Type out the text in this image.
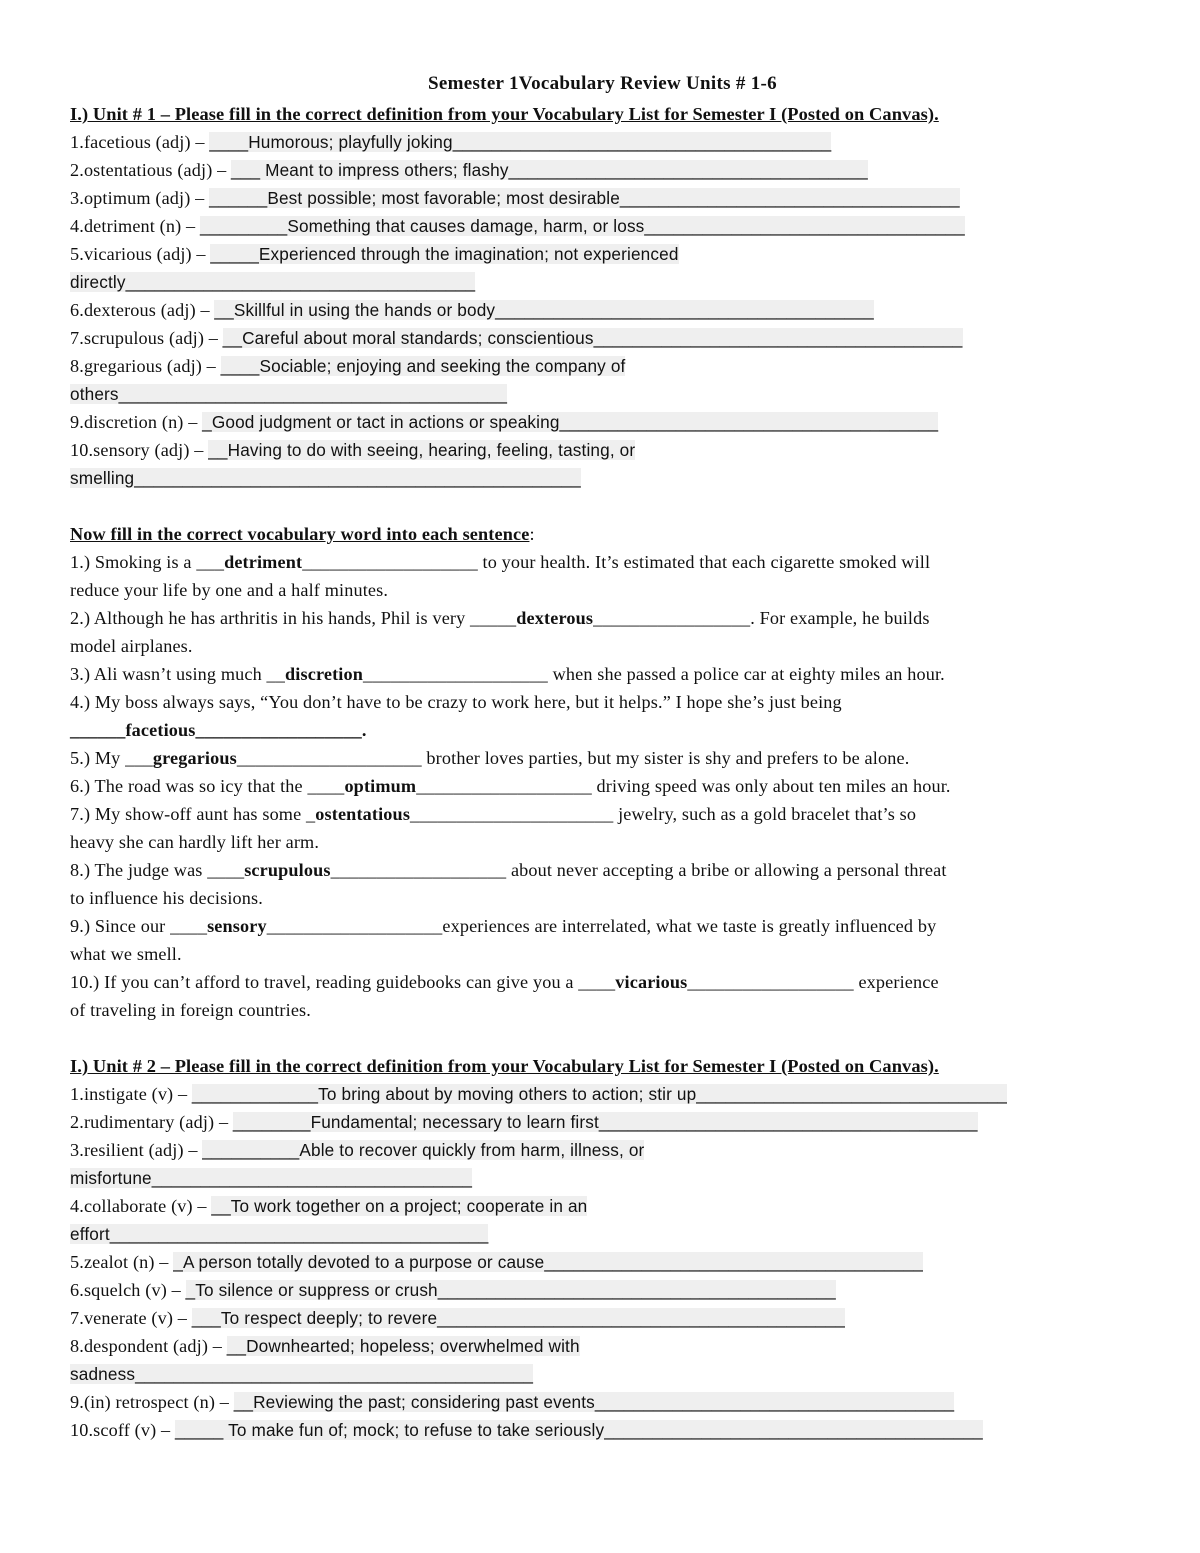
Semester 1Vocabulary Review Units # 1-6
I.) Unit # 1 – Please fill in the correct definition from your Vocabulary List for Semester I (Posted on Canvas).
1.facetious (adj) – ____Humorous; playfully joking_______________________________________
2.ostentatious (adj) – ___ Meant to impress others; flashy_____________________________________
3.optimum (adj) – ______Best possible; most favorable; most desirable___________________________________
4.detriment (n) – _________Something that causes damage, harm, or loss_________________________________
5.vicarious (adj) – _____Experienced through the imagination; not experienced
directly____________________________________
6.dexterous (adj) – __Skillful in using the hands or body_______________________________________
7.scrupulous (adj) – __Careful about moral standards; conscientious______________________________________
8.gregarious (adj) – ____Sociable; enjoying and seeking the company of
others________________________________________
9.discretion (n) – _Good judgment or tact in actions or speaking_______________________________________
10.sensory (adj) – __Having to do with seeing, hearing, feeling, tasting, or
smelling______________________________________________
Now fill in the correct vocabulary word into each sentence:
1.) Smoking is a ___detriment___________________ to your health. It’s estimated that each cigarette smoked will
reduce your life by one and a half minutes.
2.) Although he has arthritis in his hands, Phil is very _____dexterous_________________. For example, he builds
model airplanes.
3.) Ali wasn’t using much __discretion____________________ when she passed a police car at eighty miles an hour.
4.) My boss always says, “You don’t have to be crazy to work here, but it helps.” I hope she’s just being
______facetious__________________.
5.) My ___gregarious____________________ brother loves parties, but my sister is shy and prefers to be alone.
6.) The road was so icy that the ____optimum___________________ driving speed was only about ten miles an hour.
7.) My show-off aunt has some _ostentatious______________________ jewelry, such as a gold bracelet that’s so
heavy she can hardly lift her arm.
8.) The judge was ____scrupulous___________________ about never accepting a bribe or allowing a personal threat
to influence his decisions.
9.) Since our ____sensory___________________experiences are interrelated, what we taste is greatly influenced by
what we smell.
10.) If you can’t afford to travel, reading guidebooks can give you a ____vicarious__________________ experience
of traveling in foreign countries.
I.) Unit # 2 – Please fill in the correct definition from your Vocabulary List for Semester I (Posted on Canvas).
1.instigate (v) – _____________To bring about by moving others to action; stir up________________________________
2.rudimentary (adj) – ________Fundamental; necessary to learn first_______________________________________
3.resilient (adj) – __________Able to recover quickly from harm, illness, or
misfortune_________________________________
4.collaborate (v) – __To work together on a project; cooperate in an
effort_______________________________________
5.zealot (n) – _A person totally devoted to a purpose or cause_______________________________________
6.squelch (v) – _To silence or suppress or crush_________________________________________
7.venerate (v) – ___To respect deeply; to revere__________________________________________
8.despondent (adj) – __Downhearted; hopeless; overwhelmed with
sadness_________________________________________
9.(in) retrospect (n) – __Reviewing the past; considering past events_____________________________________
10.scoff (v) – _____ To make fun of; mock; to refuse to take seriously_______________________________________
